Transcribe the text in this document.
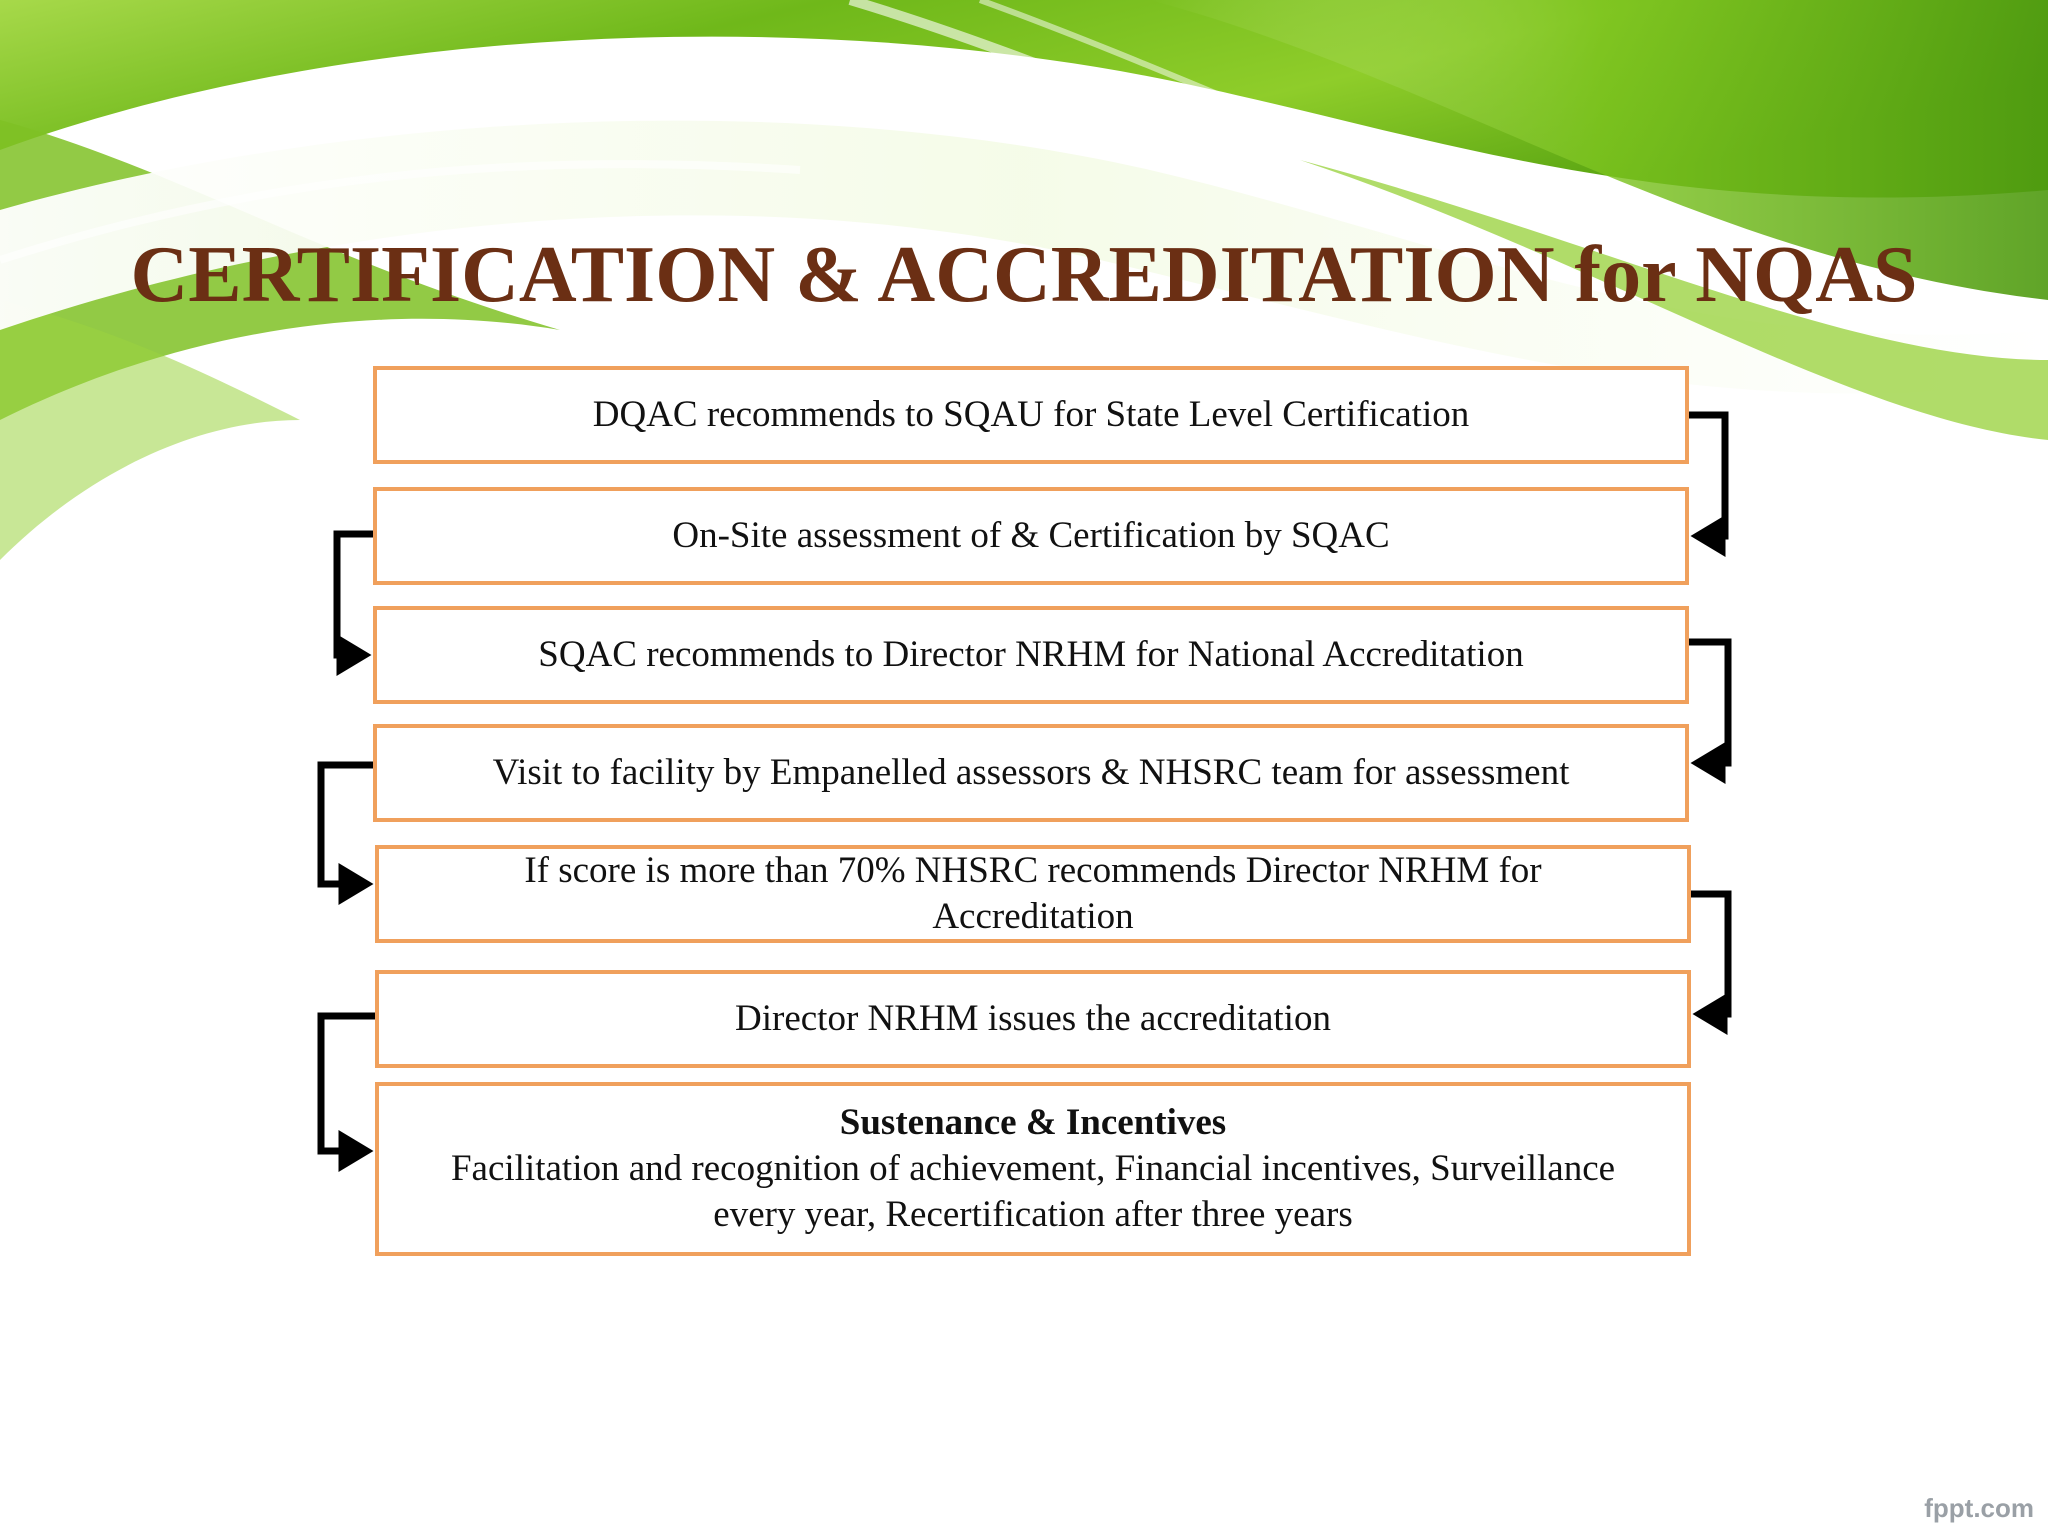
CERTIFICATION & ACCREDITATION for NQAS
DQAC recommends to SQAU for State Level Certification
On-Site assessment of & Certification by SQAC
SQAC recommends to Director NRHM for National Accreditation
Visit to facility by Empanelled assessors & NHSRC team for assessment
If score is more than 70% NHSRC recommends Director NRHM for Accreditation
Director NRHM issues the accreditation
Sustenance & Incentives
Facilitation and recognition of achievement, Financial incentives, Surveillance every year, Recertification after three years
fppt.com
